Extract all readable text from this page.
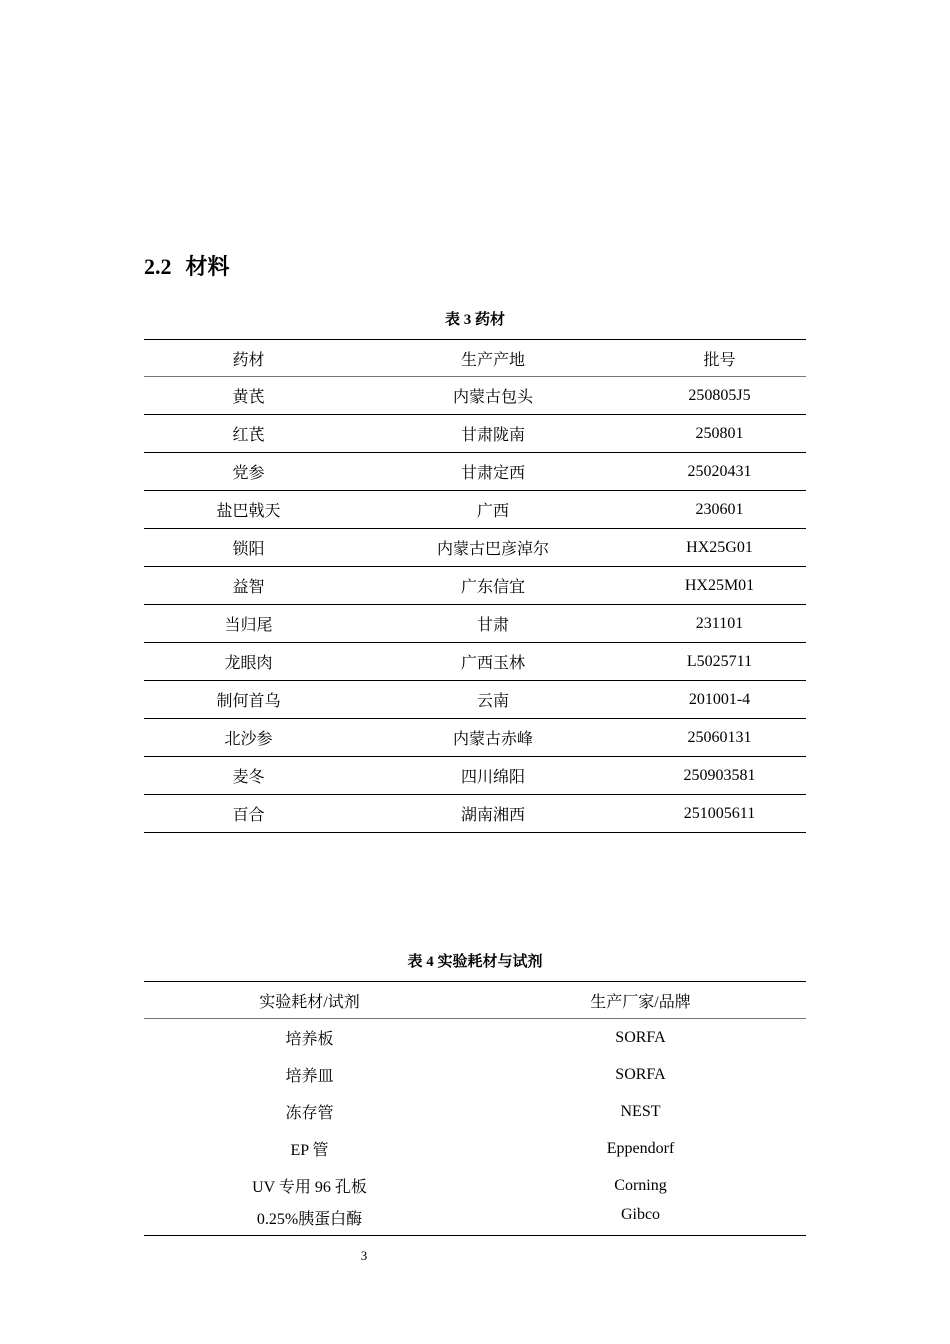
2.2 材料
表 3 药材
药材	生产产地	批号
黄芪	内蒙古包头	250805J5
红芪	甘肃陇南	250801
党参	甘肃定西	25020431
盐巴戟天	广西	230601
锁阳	内蒙古巴彦淖尔	HX25G01
益智	广东信宜	HX25M01
当归尾	甘肃	231101
龙眼肉	广西玉林	L5025711
制何首乌	云南	201001-4
北沙参	内蒙古赤峰	25060131
麦冬	四川绵阳	250903581
百合	湖南湘西	251005611
表 4 实验耗材与试剂
实验耗材/试剂	生产厂家/品牌
培养板	SORFA
培养皿	SORFA
冻存管	NEST
EP 管	Eppendorf
UV 专用 96 孔板	Corning
0.25%胰蛋白酶	Gibco
3
